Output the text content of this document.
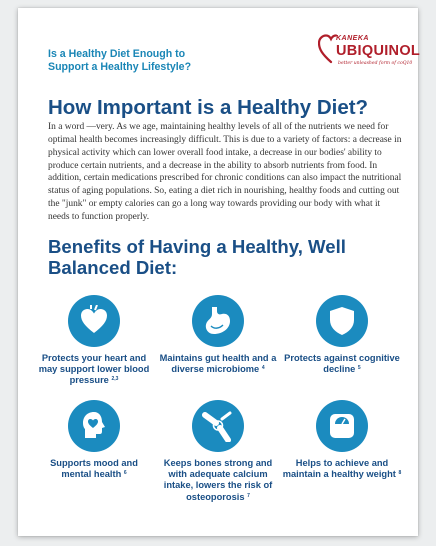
Is a Healthy Diet Enough to Support a Healthy Lifestyle?
KANEKA
UBIQUINOL
better unleashed form of coQ10
How Important is a Healthy Diet?

In a word —very. As we age, maintaining healthy levels of all of the nutrients we need for optimal health becomes increasingly difficult. This is due to a variety of factors: a decrease in physical activity which can lower overall food intake, a decrease in our bodies' ability to produce certain nutrients, and a decrease in the ability to absorb nutrients from food. In addition, certain medications prescribed for chronic conditions can also impact the nutritional status of aging populations. So, eating a diet rich in nourishing, healthy foods and cutting out the "junk" or empty calories can go a long way towards providing our body with what it needs to function properly.

Benefits of Having a Healthy, Well Balanced Diet:
Protects your heart and may support lower blood pressure $^{2,3}$
Maintains gut health and a diverse microbiome $^4$
Protects against cognitive decline $^5$
Supports mood and mental health $^6$
Keeps bones strong and with adequate calcium intake, lowers the risk of osteoporosis $^7$
Helps to achieve and maintain a healthy weight $^8$
